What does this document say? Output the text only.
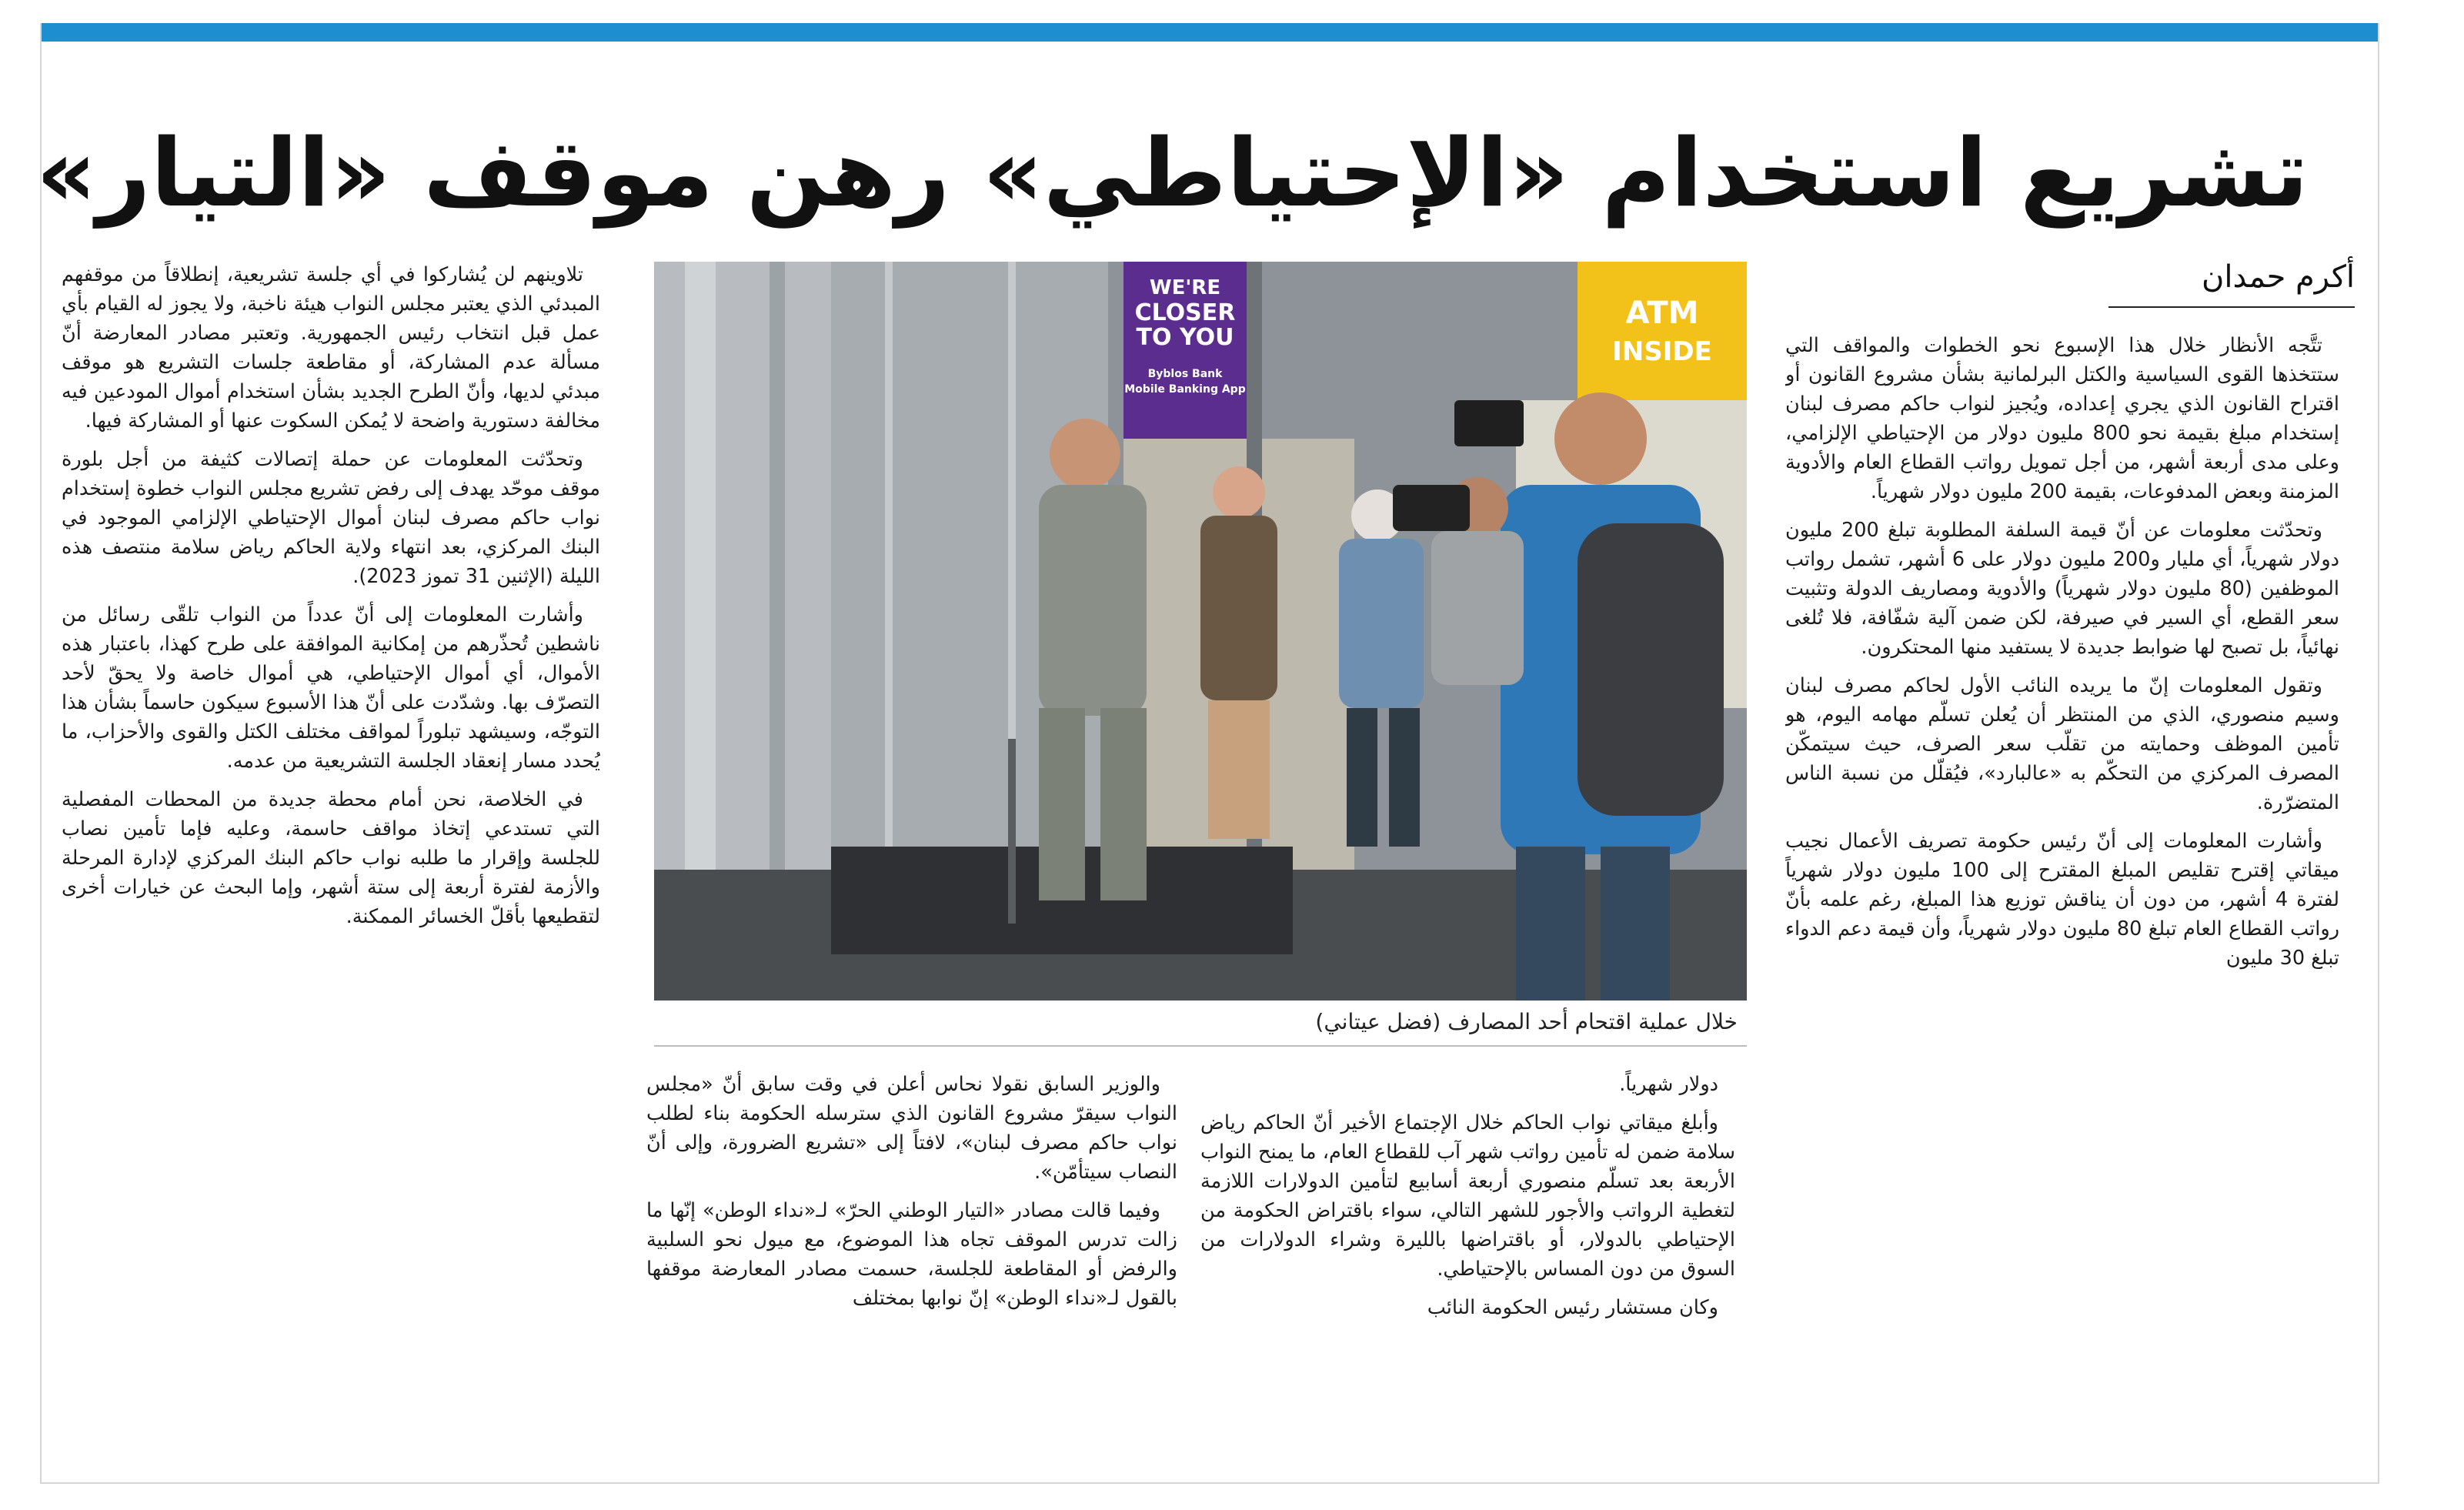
تشريع استخدام «الإحتياطي» رهن موقف «التيار»
أكرم حمدان

تتَّجه الأنظار خلال هذا الإسبوع نحو الخطوات والمواقف التي ستتخذها القوى السياسية والكتل البرلمانية بشأن مشروع القانون أو اقتراح القانون الذي يجري إعداده، ويُجيز لنواب حاكم مصرف لبنان إستخدام مبلغ بقيمة نحو 800 مليون دولار من الإحتياطي الإلزامي، وعلى مدى أربعة أشهر، من أجل تمويل رواتب القطاع العام والأدوية المزمنة وبعض المدفوعات، بقيمة 200 مليون دولار شهرياً.

وتحدّثت معلومات عن أنّ قيمة السلفة المطلوبة تبلغ 200 مليون دولار شهرياً، أي مليار و200 مليون دولار على 6 أشهر، تشمل رواتب الموظفين (80 مليون دولار شهرياً) والأدوية ومصاريف الدولة وتثبيت سعر القطع، أي السير في صيرفة، لكن ضمن آلية شفّافة، فلا تُلغى نهائياً، بل تصبح لها ضوابط جديدة لا يستفيد منها المحتكرون.

وتقول المعلومات إنّ ما يريده النائب الأول لحاكم مصرف لبنان وسيم منصوري، الذي من المنتظر أن يُعلن تسلّم مهامه اليوم، هو تأمين الموظف وحمايته من تقلّب سعر الصرف، حيث سيتمكّن المصرف المركزي من التحكّم به «عالبارد»، فيُقلّل من نسبة الناس المتضرّرة.

وأشارت المعلومات إلى أنّ رئيس حكومة تصريف الأعمال نجيب ميقاتي إقترح تقليص المبلغ المقترح إلى 100 مليون دولار شهرياً لفترة 4 أشهر، من دون أن يناقش توزيع هذا المبلغ، رغم علمه بأنّ رواتب القطاع العام تبلغ 80 مليون دولار شهرياً، وأن قيمة دعم الدواء تبلغ 30 مليون

WE'RE
CLOSER
TO YOU
Byblos Bank
Mobile Banking App
ATM
INSIDE
خلال عملية اقتحام أحد المصارف (فضل عيتاني)

دولار شهرياً.

وأبلغ ميقاتي نواب الحاكم خلال الإجتماع الأخير أنّ الحاكم رياض سلامة ضمن له تأمين رواتب شهر آب للقطاع العام، ما يمنح النواب الأربعة بعد تسلّم منصوري أربعة أسابيع لتأمين الدولارات اللازمة لتغطية الرواتب والأجور للشهر التالي، سواء باقتراض الحكومة من الإحتياطي بالدولار، أو باقتراضها بالليرة وشراء الدولارات من السوق من دون المساس بالإحتياطي.

وكان مستشار رئيس الحكومة النائب

والوزير السابق نقولا نحاس أعلن في وقت سابق أنّ «مجلس النواب سيقرّ مشروع القانون الذي سترسله الحكومة بناء لطلب نواب حاكم مصرف لبنان»، لافتاً إلى «تشريع الضرورة، وإلى أنّ النصاب سيتأمّن».

وفيما قالت مصادر «التيار الوطني الحرّ» لـ«نداء الوطن» إنّها ما زالت تدرس الموقف تجاه هذا الموضوع، مع ميول نحو السلبية والرفض أو المقاطعة للجلسة، حسمت مصادر المعارضة موقفها بالقول لـ«نداء الوطن» إنّ نوابها بمختلف

تلاوينهم لن يُشاركوا في أي جلسة تشريعية، إنطلاقاً من موقفهم المبدئي الذي يعتبر مجلس النواب هيئة ناخبة، ولا يجوز له القيام بأي عمل قبل انتخاب رئيس الجمهورية. وتعتبر مصادر المعارضة أنّ مسألة عدم المشاركة، أو مقاطعة جلسات التشريع هو موقف مبدئي لديها، وأنّ الطرح الجديد بشأن استخدام أموال المودعين فيه مخالفة دستورية واضحة لا يُمكن السكوت عنها أو المشاركة فيها.

وتحدّثت المعلومات عن حملة إتصالات كثيفة من أجل بلورة موقف موحّد يهدف إلى رفض تشريع مجلس النواب خطوة إستخدام نواب حاكم مصرف لبنان أموال الإحتياطي الإلزامي الموجود في البنك المركزي، بعد انتهاء ولاية الحاكم رياض سلامة منتصف هذه الليلة (الإثنين 31 تموز 2023).

وأشارت المعلومات إلى أنّ عدداً من النواب تلقّى رسائل من ناشطين تُحذّرهم من إمكانية الموافقة على طرح كهذا، باعتبار هذه الأموال، أي أموال الإحتياطي، هي أموال خاصة ولا يحقّ لأحد التصرّف بها. وشدّدت على أنّ هذا الأسبوع سيكون حاسماً بشأن هذا التوجّه، وسيشهد تبلوراً لمواقف مختلف الكتل والقوى والأحزاب، ما يُحدد مسار إنعقاد الجلسة التشريعية من عدمه.

في الخلاصة، نحن أمام محطة جديدة من المحطات المفصلية التي تستدعي إتخاذ مواقف حاسمة، وعليه فإما تأمين نصاب للجلسة وإقرار ما طلبه نواب حاكم البنك المركزي لإدارة المرحلة والأزمة لفترة أربعة إلى ستة أشهر، وإما البحث عن خيارات أخرى لتقطيعها بأقلّ الخسائر الممكنة.
